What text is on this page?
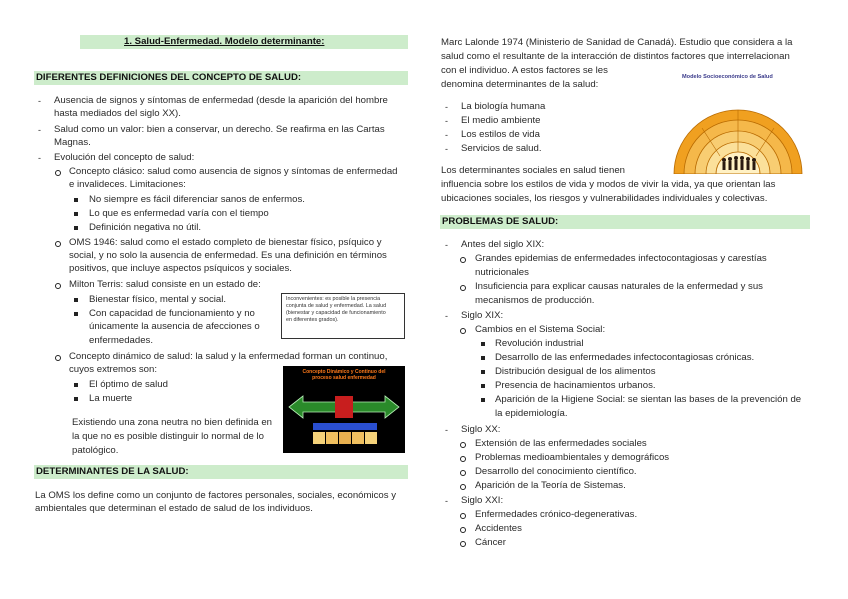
1. Salud-Enfermedad. Modelo determinante:
DIFERENTES DEFINICIONES DEL CONCEPTO DE SALUD:
- Ausencia de signos y síntomas de enfermedad (desde la aparición del hombre
hasta mediados del siglo XX).
- Salud como un valor: bien a conservar, un derecho. Se reafirma en las Cartas
Magnas.
- Evolución del concepto de salud:
Concepto clásico: salud como ausencia de signos y síntomas de enfermedad
e invalideces. Limitaciones:
No siempre es fácil diferenciar sanos de enfermos.
Lo que es enfermedad varía con el tiempo
Definición negativa no útil.
OMS 1946: salud como el estado completo de bienestar físico, psíquico y
social, y no solo la ausencia de enfermedad. Es una definición en términos
positivos, que incluye aspectos psíquicos y sociales.
Milton Terris: salud consiste en un estado de:
Bienestar físico, mental y social.
Con capacidad de funcionamiento y no
únicamente la ausencia de afecciones o
enfermedades.
Inconvenientes: es posible la presencia
conjunta de salud y enfermedad. La salud
(bienestar y capacidad de funcionamiento
en diferentes grados).
Concepto dinámico de salud: la salud y la enfermedad forman un continuo,
cuyos extremos son:
El óptimo de salud
La muerte
Existiendo una zona neutra no bien definida en
la que no es posible distinguir lo normal de lo
patológico.
Concepto Dinámico y Continuo del
proceso salud enfermedad
DETERMINANTES DE LA SALUD:
La OMS los define como un conjunto de factores personales, sociales, económicos y
ambientales que determinan el estado de salud de los individuos.
Marc Lalonde 1974 (Ministerio de Sanidad de Canadá). Estudio que considera a la
salud como el resultante de la interacción de distintos factores que interrelacionan
con el individuo. A estos factores se les
denomina determinantes de la salud:
- La biología humana
- El medio ambiente
- Los estilos de vida
- Servicios de salud.
Los determinantes sociales en salud tienen
influencia sobre los estilos de vida y modos de vivir la vida, ya que orientan las
ubicaciones sociales, los riesgos y vulnerabilidades individuales y colectivas.
Modelo Socioeconómico de Salud
PROBLEMAS DE SALUD:
- Antes del siglo XIX:
Grandes epidemias de enfermedades infectocontagiosas y carestías
nutricionales
Insuficiencia para explicar causas naturales de la enfermedad y sus
mecanismos de producción.
- Siglo XIX:
Cambios en el Sistema Social:
Revolución industrial
Desarrollo de las enfermedades infectocontagiosas crónicas.
Distribución desigual de los alimentos
Presencia de hacinamientos urbanos.
Aparición de la Higiene Social: se sientan las bases de la prevención de
la epidemiología.
- Siglo XX:
Extensión de las enfermedades sociales
Problemas medioambientales y demográficos
Desarrollo del conocimiento científico.
Aparición de la Teoría de Sistemas.
- Siglo XXI:
Enfermedades crónico-degenerativas.
Accidentes
Cáncer
